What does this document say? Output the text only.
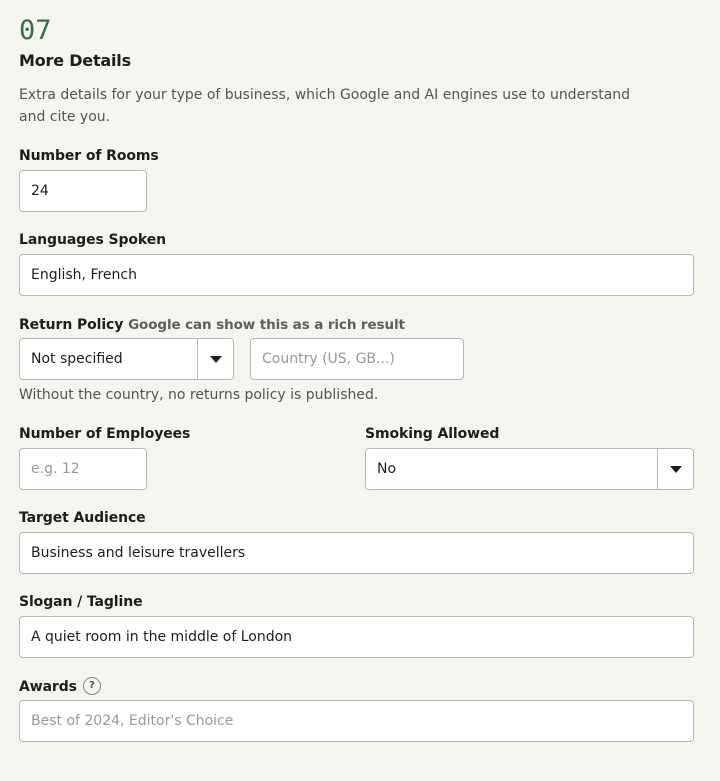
07
More Details
Extra details for your type of business, which Google and AI engines use to understand and cite you.
Number of Rooms
24
Languages Spoken
English, French
Return Policy Google can show this as a rich result
Not specified
Country (US, GB...)
Without the country, no returns policy is published.
Number of Employees
e.g. 12	Smoking Allowed
No
Target Audience
Business and leisure travellers
Slogan / Tagline
A quiet room in the middle of London
Awards ?
Best of 2024, Editor's Choice
